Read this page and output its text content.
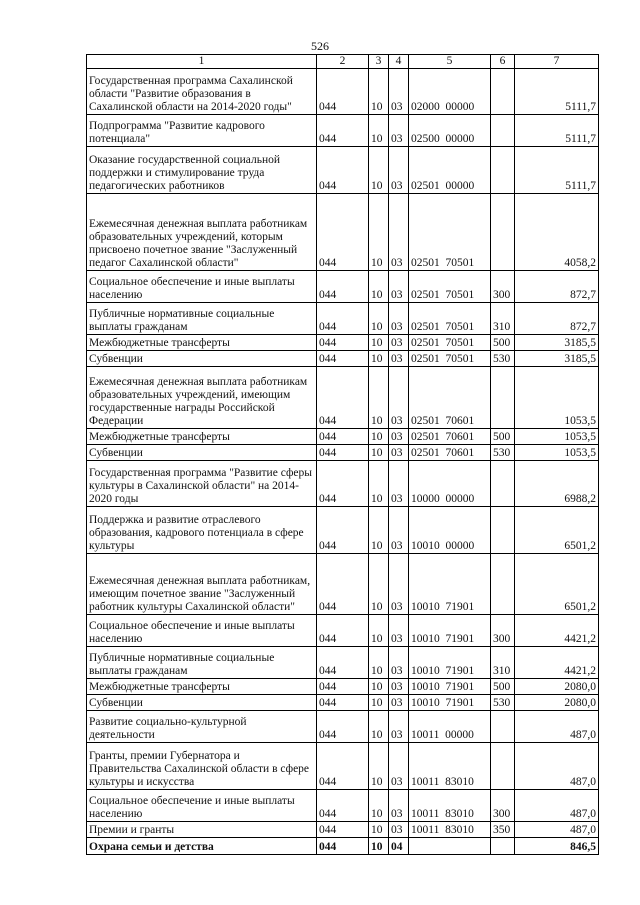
526
1	2	3	4	5	6	7
Государственная программа Сахалинской области "Развитие образования в Сахалинской области на 2014-2020 годы"	044	10	03	02000  00000		5111,7
Подпрограмма "Развитие кадрового потенциала"	044	10	03	02500  00000		5111,7
Оказание государственной социальной поддержки и стимулирование труда педагогических работников	044	10	03	02501  00000		5111,7
Ежемесячная денежная выплата работникам образовательных учреждений, которым присвоено почетное звание "Заслуженный педагог Сахалинской области"	044	10	03	02501  70501		4058,2
Социальное обеспечение и иные выплаты населению	044	10	03	02501  70501	300	872,7
Публичные нормативные социальные выплаты гражданам	044	10	03	02501  70501	310	872,7
Межбюджетные трансферты	044	10	03	02501  70501	500	3185,5
Субвенции	044	10	03	02501  70501	530	3185,5
Ежемесячная денежная выплата работникам образовательных учреждений, имеющим государственные награды Российской Федерации	044	10	03	02501  70601		1053,5
Межбюджетные трансферты	044	10	03	02501  70601	500	1053,5
Субвенции	044	10	03	02501  70601	530	1053,5
Государственная программа "Развитие сферы культуры в Сахалинской области" на 2014-2020 годы	044	10	03	10000  00000		6988,2
Поддержка и развитие отраслевого образования, кадрового потенциала в сфере культуры	044	10	03	10010  00000		6501,2
Ежемесячная денежная выплата работникам, имеющим почетное звание "Заслуженный работник культуры Сахалинской области"	044	10	03	10010  71901		6501,2
Социальное обеспечение и иные выплаты населению	044	10	03	10010  71901	300	4421,2
Публичные нормативные социальные выплаты гражданам	044	10	03	10010  71901	310	4421,2
Межбюджетные трансферты	044	10	03	10010  71901	500	2080,0
Субвенции	044	10	03	10010  71901	530	2080,0
Развитие социально-культурной деятельности	044	10	03	10011  00000		487,0
Гранты, премии Губернатора и Правительства Сахалинской области в сфере культуры и искусства	044	10	03	10011  83010		487,0
Социальное обеспечение и иные выплаты населению	044	10	03	10011  83010	300	487,0
Премии и гранты	044	10	03	10011  83010	350	487,0
Охрана семьи и детства	044	10	04			846,5
